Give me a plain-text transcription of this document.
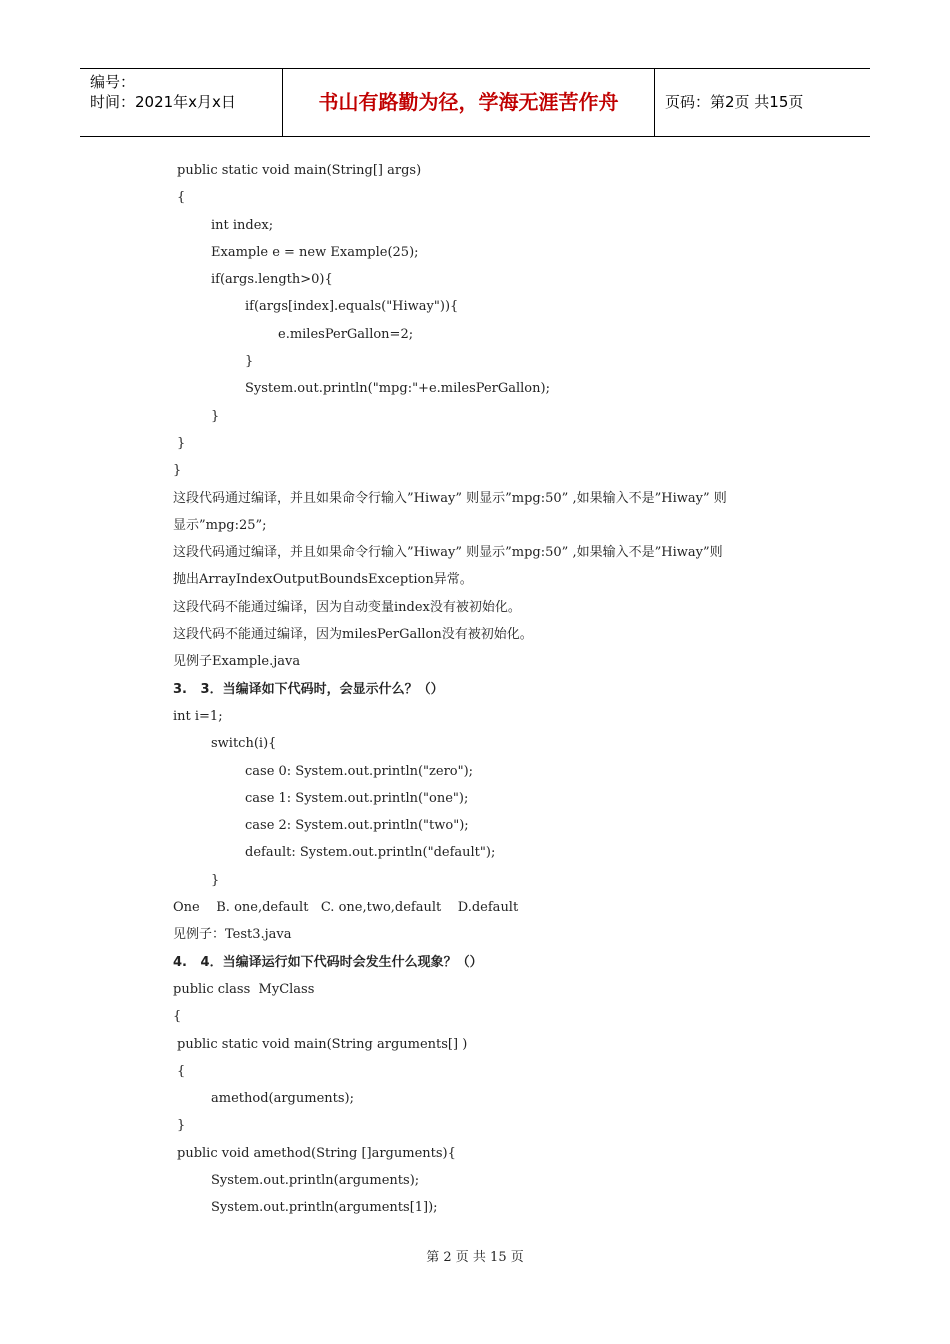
编号：
时间：2021年x月x日	书山有路勤为径，学海无涯苦作舟	页码：第2页 共15页
public static void main(String[] args)
{
int index;
Example e = new Example(25);
if(args.length>0){
if(args[index].equals("Hiway")){
e.milesPerGallon=2;
}
System.out.println("mpg:"+e.milesPerGallon);
}
}
}
这段代码通过编译，并且如果命令行输入”Hiway” 则显示”mpg:50” ,如果输入不是”Hiway” 则
显示”mpg:25”;
这段代码通过编译，并且如果命令行输入”Hiway” 则显示”mpg:50” ,如果输入不是”Hiway”则
抛出ArrayIndexOutputBoundsException异常。
这段代码不能通过编译，因为自动变量index没有被初始化。
这段代码不能通过编译，因为milesPerGallon没有被初始化。
见例子Example.java
3.   3．当编译如下代码时，会显示什么？（）
int i=1;
switch(i){
case 0: System.out.println("zero");
case 1: System.out.println("one");
case 2: System.out.println("two");
default: System.out.println("default");
}
One    B. one,default   C. one,two,default    D.default
见例子：Test3.java
4.   4．当编译运行如下代码时会发生什么现象？（）
public class  MyClass
{
public static void main(String arguments[] )
{
amethod(arguments);
}
public void amethod(String []arguments){
System.out.println(arguments);
System.out.println(arguments[1]);
第 2 页 共 15 页
